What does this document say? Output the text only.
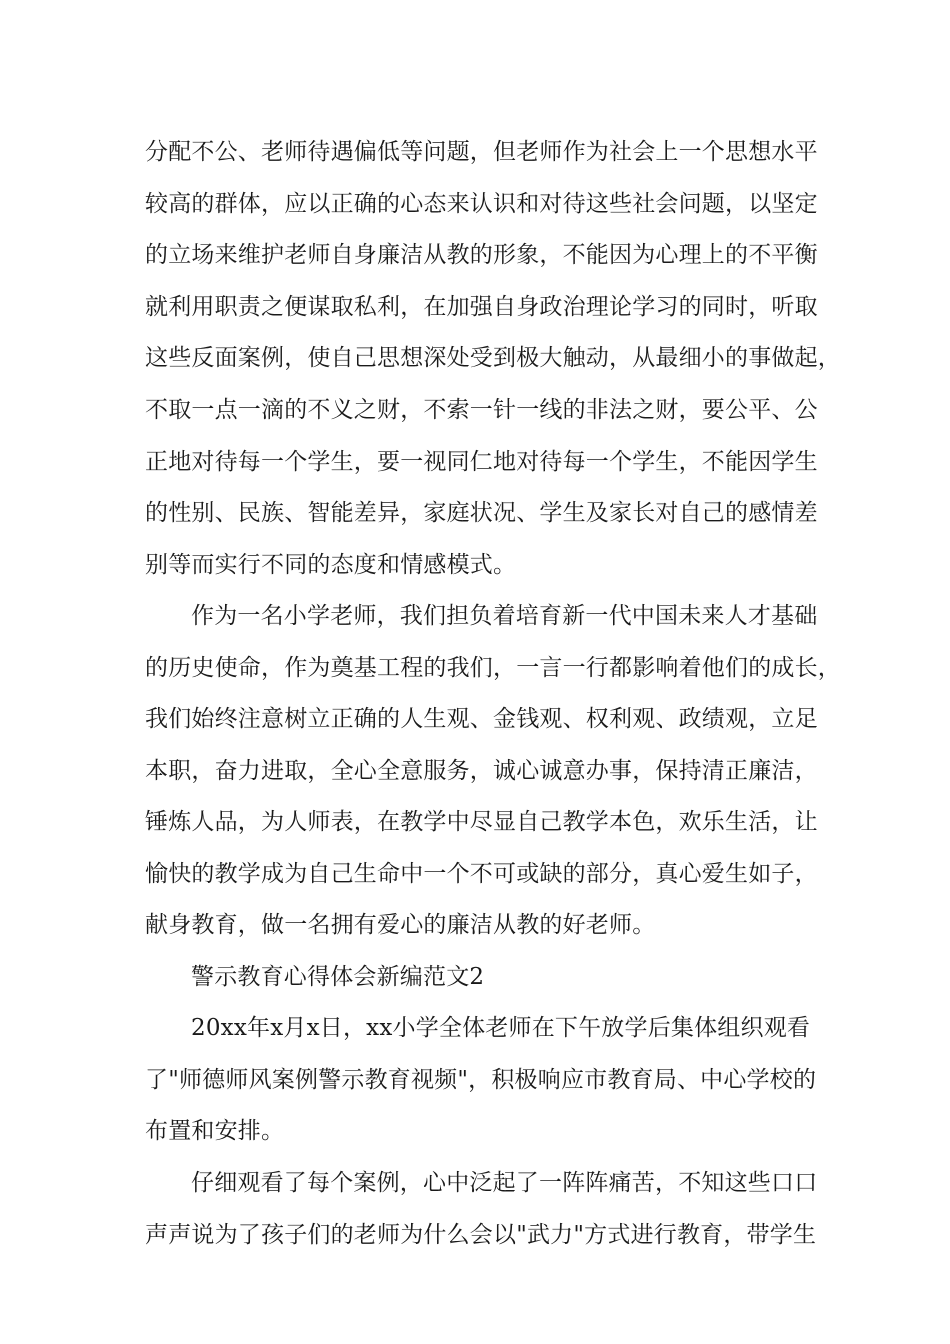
分配不公、老师待遇偏低等问题，但老师作为社会上一个思想水平
较高的群体，应以正确的心态来认识和对待这些社会问题，以坚定
的立场来维护老师自身廉洁从教的形象，不能因为心理上的不平衡
就利用职责之便谋取私利，在加强自身政治理论学习的同时，听取
这些反面案例，使自己思想深处受到极大触动，从最细小的事做起，
不取一点一滴的不义之财，不索一针一线的非法之财，要公平、公
正地对待每一个学生，要一视同仁地对待每一个学生，不能因学生
的性别、民族、智能差异，家庭状况、学生及家长对自己的感情差
别等而实行不同的态度和情感模式。
作为一名小学老师，我们担负着培育新一代中国未来人才基础
的历史使命，作为奠基工程的我们，一言一行都影响着他们的成长，
我们始终注意树立正确的人生观、金钱观、权利观、政绩观，立足
本职，奋力进取，全心全意服务，诚心诚意办事，保持清正廉洁，
锤炼人品，为人师表，在教学中尽显自己教学本色，欢乐生活，让
愉快的教学成为自己生命中一个不可或缺的部分，真心爱生如子，
献身教育，做一名拥有爱心的廉洁从教的好老师。
警示教育心得体会新编范文2
20xx年x月x日，xx小学全体老师在下午放学后集体组织观看
了"师德师风案例警示教育视频"，积极响应市教育局、中心学校的
布置和安排。
仔细观看了每个案例，心中泛起了一阵阵痛苦，不知这些口口
声声说为了孩子们的老师为什么会以"武力"方式进行教育，带学生
